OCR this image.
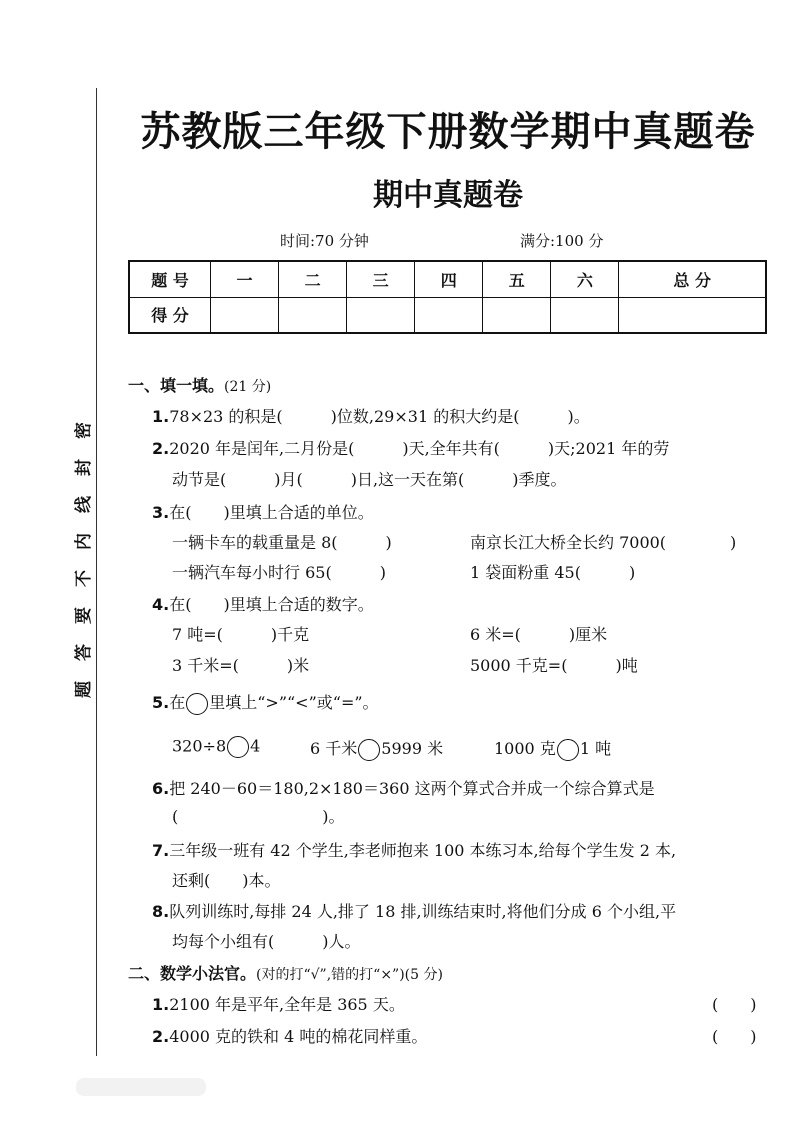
密
封
线
内
不
要
答
题
苏教版三年级下册数学期中真题卷
期中真题卷
时间:70 分钟	满分:100 分
题 号	一	二	三	四	五	六	总 分
得 分							
一、填一填。(21 分)
1.78×23 的积是(　　　)位数,29×31 的积大约是(　　　)。
2.2020 年是闰年,二月份是(　　　)天,全年共有(　　　)天;2021 年的劳
动节是(　　　)月(　　　)日,这一天在第(　　　)季度。
3.在(　　)里填上合适的单位。
一辆卡车的载重量是 8(　　　)	南京长江大桥全长约 7000(　　　　)
一辆汽车每小时行 65(　　　)	1 袋面粉重 45(　　　)
4.在(　　)里填上合适的数字。
7 吨=(　　　)千克	6 米=(　　　)厘米
3 千米=(　　　)米	5000 千克=(　　　)吨
5.在 里填上“>”“<”或“=”。
320÷8 4	6 千米 5999 米	1000 克 1 吨
6.把 240－60＝180,2×180＝360 这两个算式合并成一个综合算式是
(　　　　　　　　　)。
7.三年级一班有 42 个学生,李老师抱来 100 本练习本,给每个学生发 2 本,
还剩(　　)本。
8.队列训练时,每排 24 人,排了 18 排,训练结束时,将他们分成 6 个小组,平
均每个小组有(　　　)人。
二、数学小法官。(对的打“√”,错的打“×”)(5 分)
1.2100 年是平年,全年是 365 天。	(　　)
2.4000 克的铁和 4 吨的棉花同样重。	(　　)
